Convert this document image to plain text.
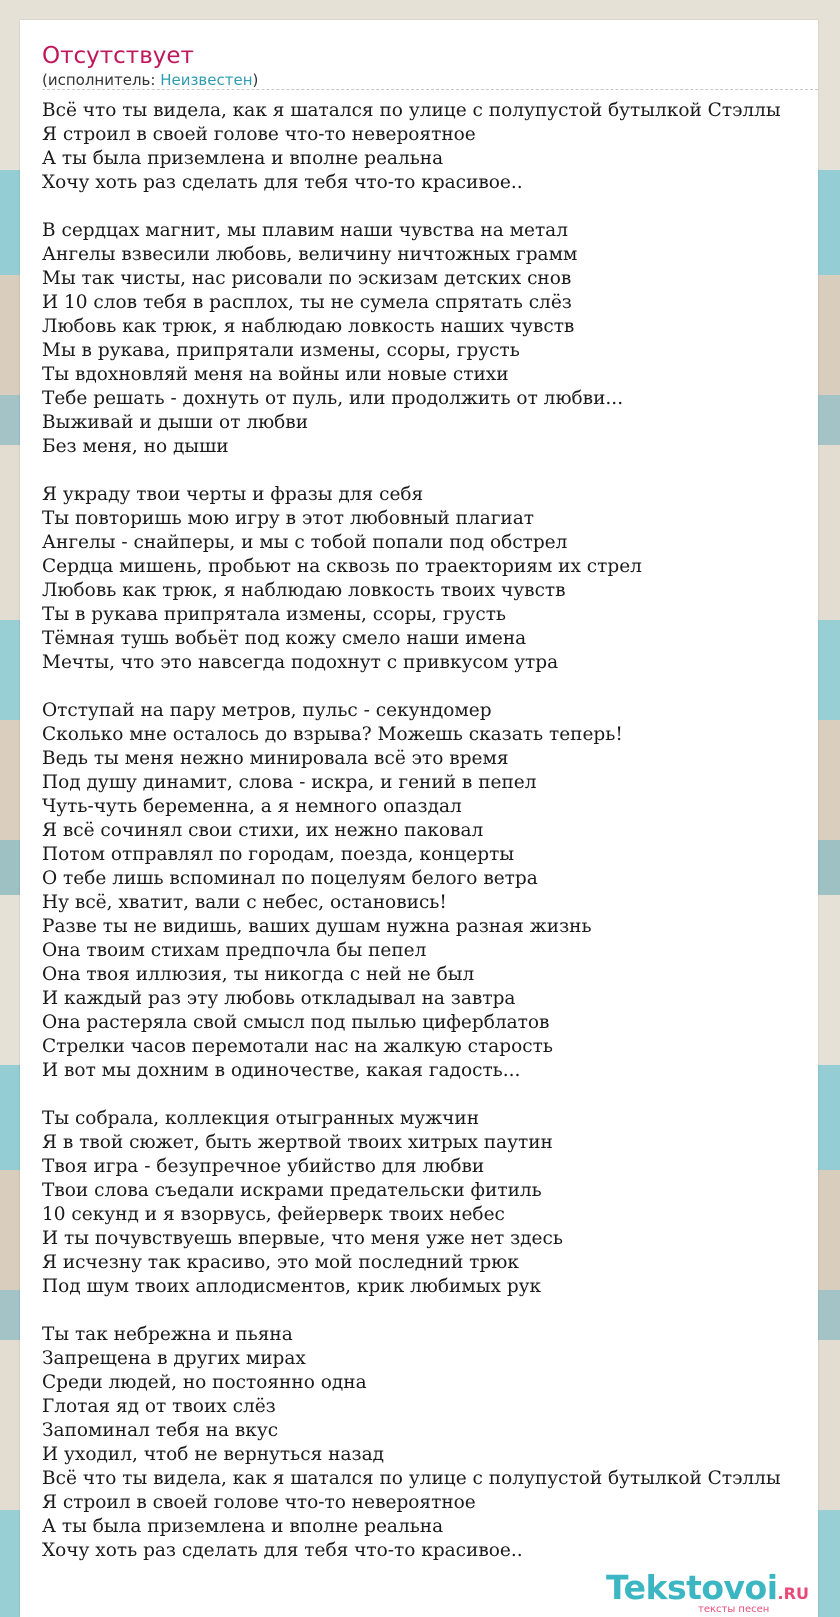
Отсутствует
(исполнитель: Неизвестен)
Всё что ты видела, как я шатался по улице с полупустой бутылкой Стэллы
Я строил в своей голове что-то невероятное
А ты была приземлена и вполне реальна
Хочу хоть раз сделать для тебя что-то красивое..
В сердцах магнит, мы плавим наши чувства на метал
Ангелы взвесили любовь, величину ничтожных грамм
Мы так чисты, нас рисовали по эскизам детских снов
И 10 слов тебя в расплох, ты не сумела спрятать слёз
Любовь как трюк, я наблюдаю ловкость наших чувств
Мы в рукава, припрятали измены, ссоры, грусть
Ты вдохновляй меня на войны или новые стихи
Тебе решать - дохнуть от пуль, или продолжить от любви...
Выживай и дыши от любви
Без меня, но дыши
Я украду твои черты и фразы для себя
Ты повторишь мою игру в этот любовный плагиат
Ангелы - снайперы, и мы с тобой попали под обстрел
Сердца мишень, пробьют на сквозь по траекториям их стрел
Любовь как трюк, я наблюдаю ловкость твоих чувств
Ты в рукава припрятала измены, ссоры, грусть
Тёмная тушь вобьёт под кожу смело наши имена
Мечты, что это навсегда подохнут с привкусом утра
Отступай на пару метров, пульс - секундомер
Сколько мне осталось до взрыва? Можешь сказать теперь!
Ведь ты меня нежно минировала всё это время
Под душу динамит, слова - искра, и гений в пепел
Чуть-чуть беременна, а я немного опаздал
Я всё сочинял свои стихи, их нежно паковал
Потом отправлял по городам, поезда, концерты
О тебе лишь вспоминал по поцелуям белого ветра
Ну всё, хватит, вали с небес, остановись!
Разве ты не видишь, ваших душам нужна разная жизнь
Она твоим стихам предпочла бы пепел
Она твоя иллюзия, ты никогда с ней не был
И каждый раз эту любовь откладывал на завтра
Она растеряла свой смысл под пылью циферблатов
Стрелки часов перемотали нас на жалкую старость
И вот мы дохним в одиночестве, какая гадость...
Ты собрала, коллекция отыгранных мужчин
Я в твой сюжет, быть жертвой твоих хитрых паутин
Твоя игра - безупречное убийство для любви
Твои слова съедали искрами предательски фитиль
10 секунд и я взорвусь, фейерверк твоих небес
И ты почувствуешь впервые, что меня уже нет здесь
Я исчезну так красиво, это мой последний трюк
Под шум твоих аплодисментов, крик любимых рук
Ты так небрежна и пьяна
Запрещена в других мирах
Среди людей, но постоянно одна
Глотая яд от твоих слёз
Запоминал тебя на вкус
И уходил, чтоб не вернуться назад
Всё что ты видела, как я шатался по улице с полупустой бутылкой Стэллы
Я строил в своей голове что-то невероятное
А ты была приземлена и вполне реальна
Хочу хоть раз сделать для тебя что-то красивое..
Tekstovoi.RU
тексты песен
